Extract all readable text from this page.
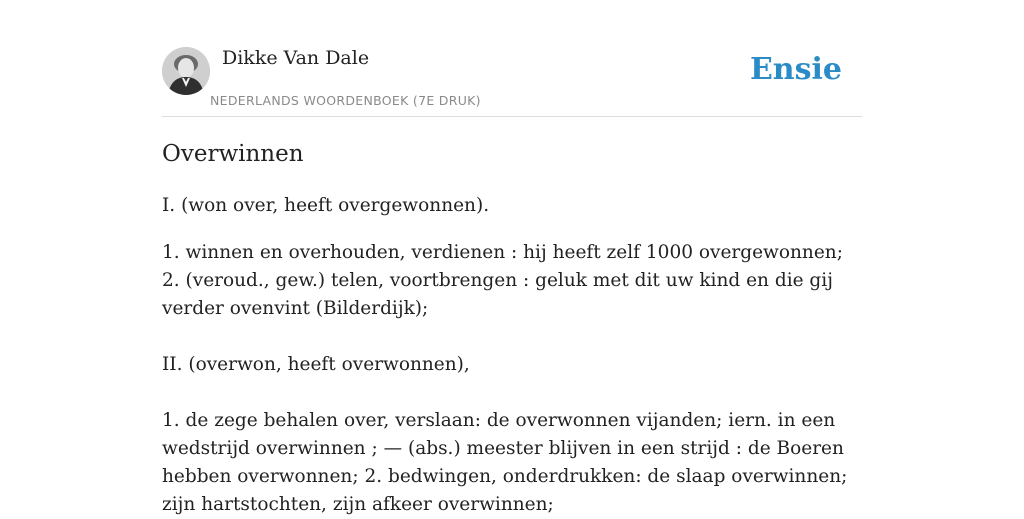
Dikke Van Dale
NEDERLANDS WOORDENBOEK (7E DRUK)
Ensie
Overwinnen

I. (won over, heeft overgewonnen).

1. winnen en overhouden, verdienen : hij heeft zelf 1000 overgewonnen;

2. (veroud., gew.) telen, voortbrengen : geluk met dit uw kind en die gij verder ovenvint (Bilderdijk);

II. (overwon, heeft overwonnen),

1. de zege behalen over, verslaan: de overwonnen vijanden; iern. in een wedstrijd overwinnen ; — (abs.) meester blijven in een strijd : de Boeren hebben overwonnen; 2. bedwingen, onderdrukken: de slaap overwinnen; zijn hartstochten, zijn afkeer overwinnen;
